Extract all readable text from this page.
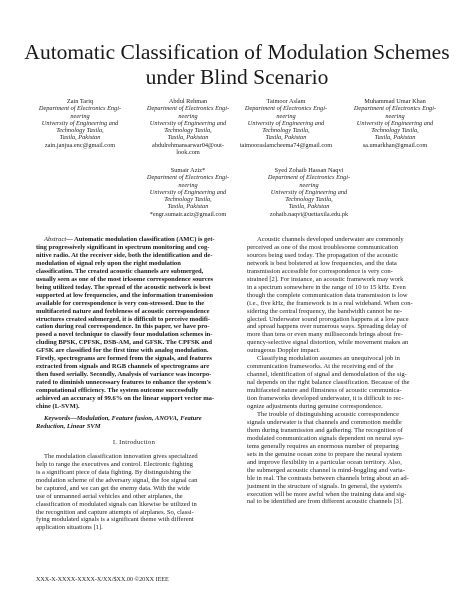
Automatic Classification of Modulation Schemes
under Blind Scenario
Zain Tariq
Department of Electronics Engi-
neering
University of Engineering and
Technology Taxila,
Taxila, Pakistan
zain.janjua.enc@gmail.com
Abdul Rehman
Department of Electronics Engi-
neering
University of Engineering and
Technology Taxila,
Taxila, Pakistan
abdulrehmansarwar04@out-
look.com
Taimoor Aslam
Department of Electronics Engi-
neering
University of Engineering and
Technology Taxila,
Taxila, Pakistan
taimooraslamcheema74@gmail.com
Muhammad Umar Khan
Department of Electronics Engi-
neering
University of Engineering and
Technology Taxila,
Taxila, Pakistan
sa.umarkhan@gmail.com
Sumair Aziz*
Department of Electronics Engi-
neering
University of Engineering and
Technology Taxila,
Taxila, Pakistan
*engr.sumair.aziz@gmail.com
Syed Zohaib Hassan Naqvi
Department of Electronics Engi-
neering
University of Engineering and
Technology Taxila,
Taxila, Pakistan
zohaib.naqvi@uettaxila.edu.pk
Abstract— Automatic modulation classification (AMC) is get-
ting progressively significant in spectrum monitoring and cog-
nitive radio. At the receiver side, both the identification and de-
modulation of signal rely upon the right modulation
classification. The created acoustic channels are submerged,
usually seen as one of the most irksome correspondence sources
being utilized today. The spread of the acoustic network is best
supported at low frequencies, and the information transmission
available for correspondence is very con-stressed. Due to the
multifaceted nature and feebleness of acoustic correspondence
structures created submerged, it is difficult to perceive modifi-
cation during real correspondence. In this paper, we have pro-
posed a novel technique to classify four modulation schemes in-
cluding BPSK, CPFSK, DSB-AM, and GFSK. The CPFSK and
GFSK are classified for the first time with analog modulation.
Firstly, spectrograms are formed from the signals, and features
extracted from signals and RGB channels of spectrograms are
then fused serially. Secondly, Analysis of variance was incorpo-
rated to diminish unnecessary features to enhance the system's
computational efficiency. The system outcome successfully
achieved an accuracy of 99.6% on the linear support vector ma-
chine (L-SVM).
Keywords—Modulation, Feature fusion, ANOVA, Feature
Reduction, Linear SVM
I. Introduction
The modulation classification innovation gives specialized
help to range the executives and control. Electronic fighting
is a significant piece of data fighting. By distinguishing the
modulation scheme of the adversary signal, the foe signal can
be captured, and we can get the enemy data. With the wide
use of unmanned aerial vehicles and other airplanes, the
classification of modulated signals can likewise be utilized in
the recognition and capture attempts of airplanes. So, classi-
fying modulated signals is a significant theme with different
application situations [1].
Acoustic channels developed underwater are commonly
perceived as one of the most troublesome communication
sources being used today. The propagation of the acoustic
network is best bolstered at low frequencies, and the data
transmission accessible for correspondence is very con-
strained [2]. For instance, an acoustic framework may work
in a spectrum somewhere in the range of 10 to 15 kHz. Even
though the complete communication data transmission is low
(i.e., five kHz, the framework is in a real wideband. When con-
sidering the central frequency, the bandwidth cannot be ne-
glected. Underwater sound prorogation happens at a low pace
and spread happens over numerous ways. Spreading delay of
more than tens or even many milliseconds brings about fre-
quency-selective signal distortion, while movement makes an
outrageous Doppler impact.
Classifying modulation assumes an unequivocal job in
communication frameworks. At the receiving end of the
channel, identification of signal and demodulation of the sig-
nal depends on the right balance classification. Because of the
multifaceted nature and flimsiness of acoustic communica-
tion frameworks developed underwater, it is difficult to rec-
ognize adjustments during genuine correspondence.
The trouble of distinguishing acoustic correspondence
signals underwater is that channels and commotion meddle
them during transmission and gathering. The recognition of
modulated communication signals dependent on neural sys-
tems generally requires an enormous number of preparing
sets in the genuine ocean zone to prepare the neural system
and improve flexibility in a particular ocean territory. Also,
the submerged acoustic channel is mind-boggling and varia-
ble in real. The contrasts between channels bring about an ad-
justment in the structure of signals. In general, the system's
execution will be more awful when the training data and sig-
nal to be identified are from different acoustic channels [3].
XXX-X-XXXX-XXXX-X/XX/$XX.00 ©20XX IEEE
